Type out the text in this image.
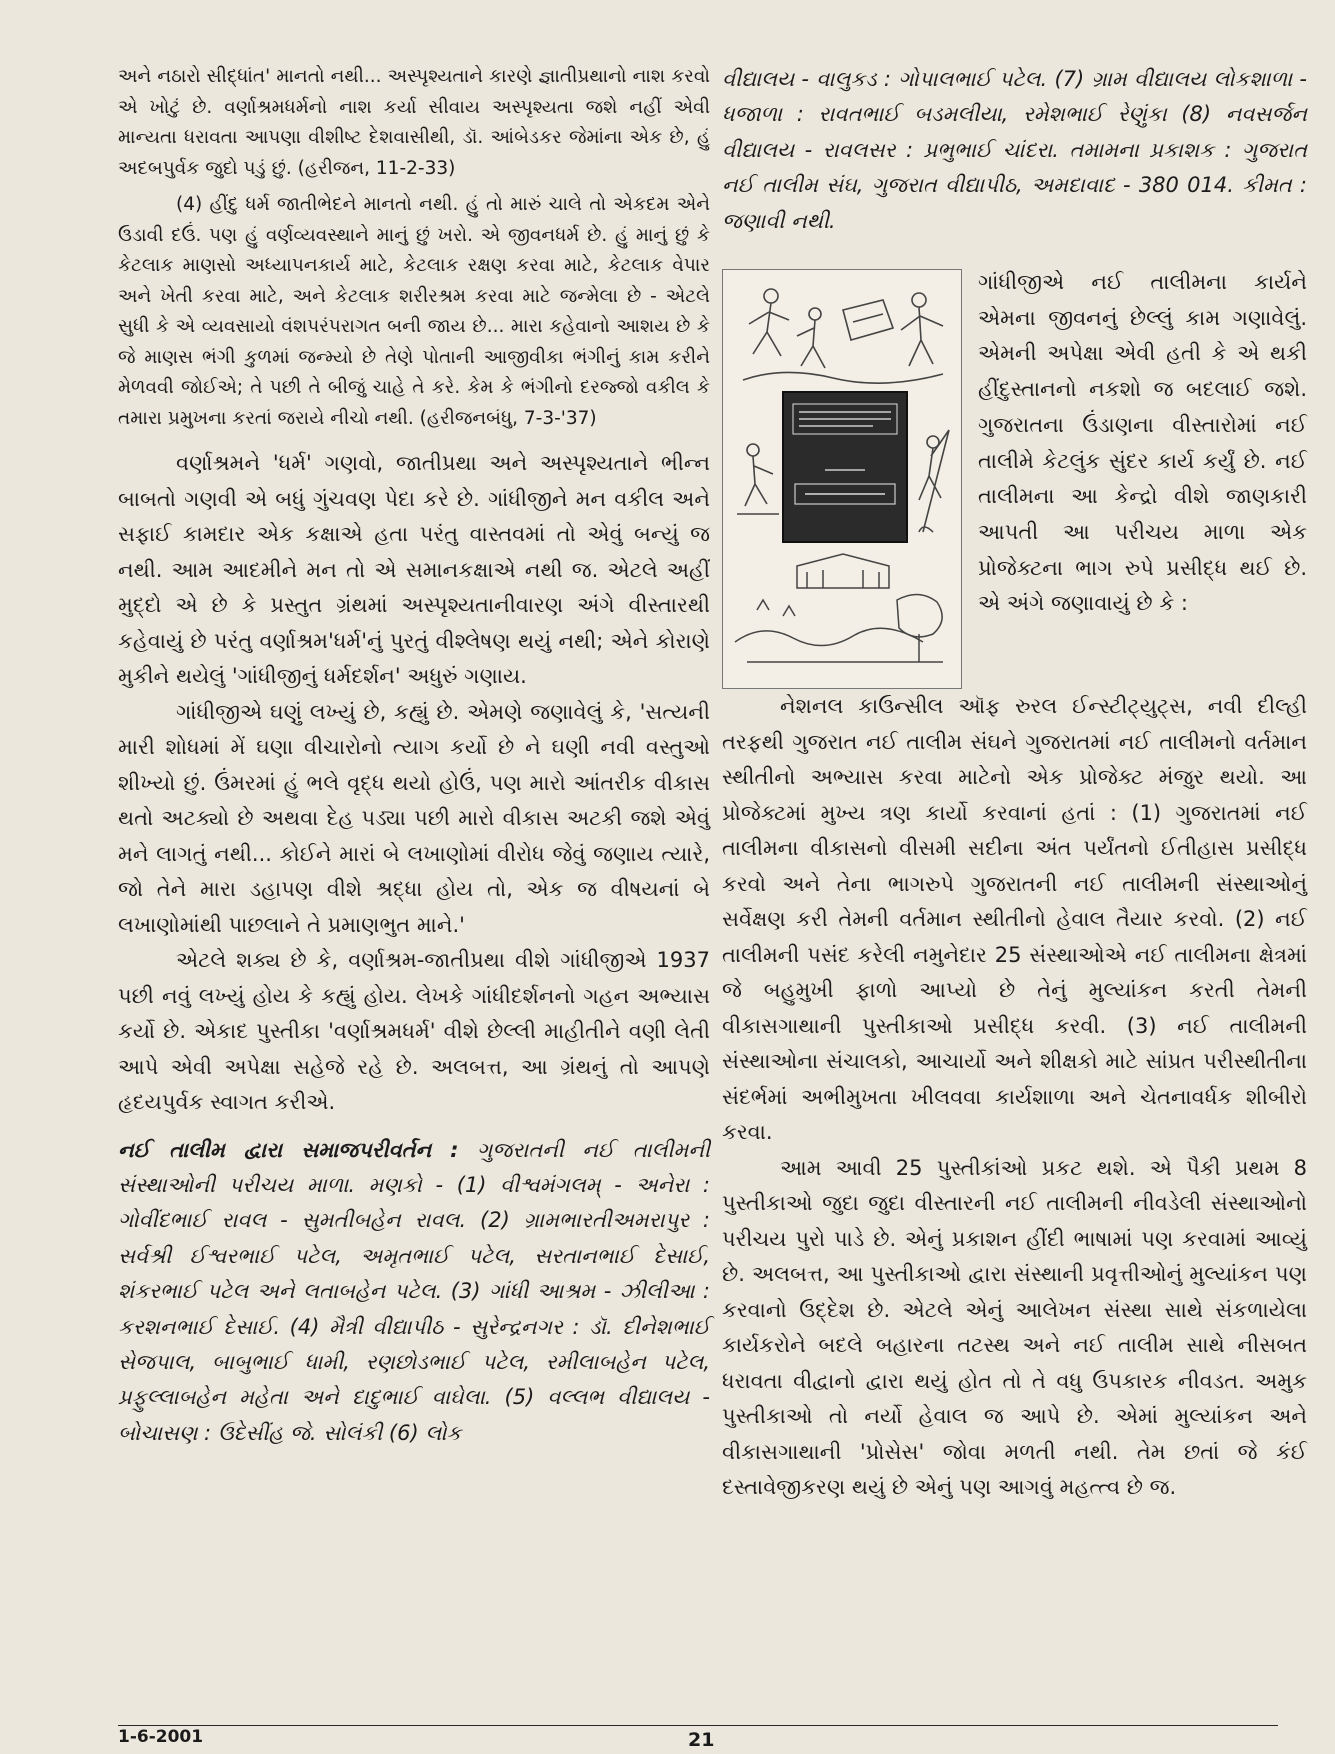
અને નઠારો સીદ્ધાંત' માનતો નથી... અસ્પૃશ્યતાને કારણે જ્ઞાતીપ્રથાનો નાશ કરવો એ ખોટું છે. વર્ણાશ્રમધર્મનો નાશ કર્યા સીવાય અસ્પૃશ્યતા જશે નહીં એવી માન્યતા ધરાવતા આપણા વીશીષ્ટ દેશવાસીથી, ડૉ. આંબેડકર જેમાંના એક છે, હું અદબપુર્વક જુદો પડું છું. (હરીજન, 11-2-33)

(4) હીંદુ ધર્મ જાતીભેદને માનતો નથી. હું તો મારું ચાલે તો એકદમ એને ઉડાવી દઉં. પણ હું વર્ણવ્યવસ્થાને માનું છું ખરો. એ જીવનધર્મ છે. હું માનું છું કે કેટલાક માણસો અધ્યાપનકાર્ય માટે, કેટલાક રક્ષણ કરવા માટે, કેટલાક વેપાર અને ખેતી કરવા માટે, અને કેટલાક શરીરશ્રમ કરવા માટે જન્મેલા છે - એટલે સુધી કે એ વ્યવસાયો વંશપરંપરાગત બની જાય છે... મારા કહેવાનો આશય છે કે જે માણસ ભંગી કુળમાં જન્મ્યો છે તેણે પોતાની આજીવીકા ભંગીનું કામ કરીને મેળવવી જોઈએ; તે પછી તે બીજું ચાહે તે કરે. કેમ કે ભંગીનો દરજ્જો વકીલ કે તમારા પ્રમુખના કરતાં જરાયે નીચો નથી. (હરીજનબંધુ, 7-3-'37)

વર્ણાશ્રમને 'ધર્મ' ગણવો, જાતીપ્રથા અને અસ્પૃશ્યતાને ભીન્ન બાબતો ગણવી એ બધું ગુંચવણ પેદા કરે છે. ગાંધીજીને મન વકીલ અને સફાઈ કામદાર એક કક્ષાએ હતા પરંતુ વાસ્તવમાં તો એવું બન્યું જ નથી. આમ આદમીને મન તો એ સમાનકક્ષાએ નથી જ. એટલે અહીં મુદ્દો એ છે કે પ્રસ્તુત ગ્રંથમાં અસ્પૃશ્યતાનીવારણ અંગે વીસ્તારથી કહેવાયું છે પરંતુ વર્ણાશ્રમ'ધર્મ'નું પુરતું વીશ્લેષણ થયું નથી; એને કોરાણે મુકીને થયેલું 'ગાંધીજીનું ધર્મદર્શન' અધુરું ગણાય.

ગાંધીજીએ ઘણું લખ્યું છે, કહ્યું છે. એમણે જણાવેલું કે, 'સત્યની મારી શોધમાં મેં ઘણા વીચારોનો ત્યાગ કર્યો છે ને ઘણી નવી વસ્તુઓ શીખ્યો છું. ઉંમરમાં હું ભલે વૃદ્ધ થયો હોઉં, પણ મારો આંતરીક વીકાસ થતો અટક્યો છે અથવા દેહ પડ્યા પછી મારો વીકાસ અટકી જશે એવું મને લાગતું નથી... કોઈને મારાં બે લખાણોમાં વીરોધ જેવું જણાય ત્યારે, જો તેને મારા ડહાપણ વીશે શ્રદ્ધા હોય તો, એક જ વીષયનાં બે લખાણોમાંથી પાછલાને તે પ્રમાણભુત માને.'

એટલે શક્ય છે કે, વર્ણાશ્રમ-જાતીપ્રથા વીશે ગાંધીજીએ 1937 પછી નવું લખ્યું હોય કે કહ્યું હોય. લેખકે ગાંધીદર્શનનો ગહન અભ્યાસ કર્યો છે. એકાદ પુસ્તીકા 'વર્ણાશ્રમધર્મ' વીશે છેલ્લી માહીતીને વણી લેતી આપે એવી અપેક્ષા સહેજે રહે છે. અલબત્ત, આ ગ્રંથનું તો આપણે હૃદયપુર્વક સ્વાગત કરીએ.

નઈ તાલીમ દ્વારા સમાજપરીવર્તન : ગુજરાતની નઈ તાલીમની સંસ્થાઓની પરીચય માળા. મણકો - (1) વીશ્વમંગલમ્ - અનેરા : ગોવીંદભાઈ રાવલ - સુમતીબહેન રાવલ. (2) ગ્રામભારતીઅમરાપુર : સર્વશ્રી ઈશ્વરભાઈ પટેલ, અમૃતભાઈ પટેલ, સરતાનભાઈ દેસાઈ, શંકરભાઈ પટેલ અને લતાબહેન પટેલ. (3) ગાંધી આશ્રમ - ઝીલીઆ : કરશનભાઈ દેસાઈ. (4) મૈત્રી વીદ્યાપીઠ - સુરેન્દ્રનગર : ડૉ. દીનેશભાઈ સેજપાલ, બાબુભાઈ ધામી, રણછોડભાઈ પટેલ, રમીલાબહેન પટેલ, પ્રફુલ્લાબહેન મહેતા અને દાદુભાઈ વાઘેલા. (5) વલ્લભ વીદ્યાલય - બોચાસણ : ઉદેસીંહ જે. સોલંકી (6) લોક

વીદ્યાલય - વાલુકડ : ગોપાલભાઈ પટેલ. (7) ગ્રામ વીદ્યાલય લોકશાળા - ધજાળા : રાવતભાઈ બડમલીયા, રમેશભાઈ રેણુંકા (8) નવસર્જન વીદ્યાલય - રાવલસર : પ્રભુભાઈ ચાંદરા. તમામના પ્રકાશક : ગુજરાત નઈ તાલીમ સંઘ, ગુજરાત વીદ્યાપીઠ, અમદાવાદ - 380 014. કીમત : જણાવી નથી.

ગાંધીજીએ નઈ તાલીમના કાર્યને એમના જીવનનું છેલ્લું કામ ગણાવેલું. એમની અપેક્ષા એવી હતી કે એ થકી હીંદુસ્તાનનો નકશો જ બદલાઈ જશે. ગુજરાતના ઉંડાણના વીસ્તારોમાં નઈ તાલીમે કેટલુંક સુંદર કાર્ય કર્યું છે. નઈ તાલીમના આ કેન્દ્રો વીશે જાણકારી આપતી આ પરીચય માળા એક પ્રોજેક્ટના ભાગ રુપે પ્રસીદ્ધ થઈ છે. એ અંગે જણાવાયું છે કે :

નેશનલ કાઉન્સીલ ઑફ રુરલ ઈન્સ્ટીટ્યુટ્સ, નવી દીલ્હી તરફથી ગુજરાત નઈ તાલીમ સંઘને ગુજરાતમાં નઈ તાલીમનો વર્તમાન સ્થીતીનો અભ્યાસ કરવા માટેનો એક પ્રોજેક્ટ મંજુર થયો. આ પ્રોજેક્ટમાં મુખ્ય ત્રણ કાર્યો કરવાનાં હતાં : (1) ગુજરાતમાં નઈ તાલીમના વીકાસનો વીસમી સદીના અંત પર્યંતનો ઈતીહાસ પ્રસીદ્ધ કરવો અને તેના ભાગરુપે ગુજરાતની નઈ તાલીમની સંસ્થાઓનું સર્વેક્ષણ કરી તેમની વર્તમાન સ્થીતીનો હેવાલ તૈયાર કરવો. (2) નઈ તાલીમની પસંદ કરેલી નમુનેદાર 25 સંસ્થાઓએ નઈ તાલીમના ક્ષેત્રમાં જે બહુમુખી ફાળો આપ્યો છે તેનું મુલ્યાંકન કરતી તેમની વીકાસગાથાની પુસ્તીકાઓ પ્રસીદ્ધ કરવી. (3) નઈ તાલીમની સંસ્થાઓના સંચાલકો, આચાર્યો અને શીક્ષકો માટે સાંપ્રત પરીસ્થીતીના સંદર્ભમાં અભીમુખતા ખીલવવા કાર્યશાળા અને ચેતનાવર્ધક શીબીરો કરવા.

આમ આવી 25 પુસ્તીકાંઓ પ્રકટ થશે. એ પૈકી પ્રથમ 8 પુસ્તીકાઓ જુદા જુદા વીસ્તારની નઈ તાલીમની નીવડેલી સંસ્થાઓનો પરીચય પુરો પાડે છે. એનું પ્રકાશન હીંદી ભાષામાં પણ કરવામાં આવ્યું છે. અલબત્ત, આ પુસ્તીકાઓ દ્વારા સંસ્થાની પ્રવૃત્તીઓનું મુલ્યાંકન પણ કરવાનો ઉદ્દેશ છે. એટલે એનું આલેખન સંસ્થા સાથે સંકળાયેલા કાર્યકરોને બદલે બહારના તટસ્થ અને નઈ તાલીમ સાથે નીસબત ધરાવતા વીદ્વાનો દ્વારા થયું હોત તો તે વધુ ઉપકારક નીવડત. અમુક પુસ્તીકાઓ તો નર્યો હેવાલ જ આપે છે. એમાં મુલ્યાંકન અને વીકાસગાથાની 'પ્રોસેસ' જોવા મળતી નથી. તેમ છતાં જે કંઈ દસ્તાવેજીકરણ થયું છે એનું પણ આગવું મહત્ત્વ છે જ.

1-6-2001	21
